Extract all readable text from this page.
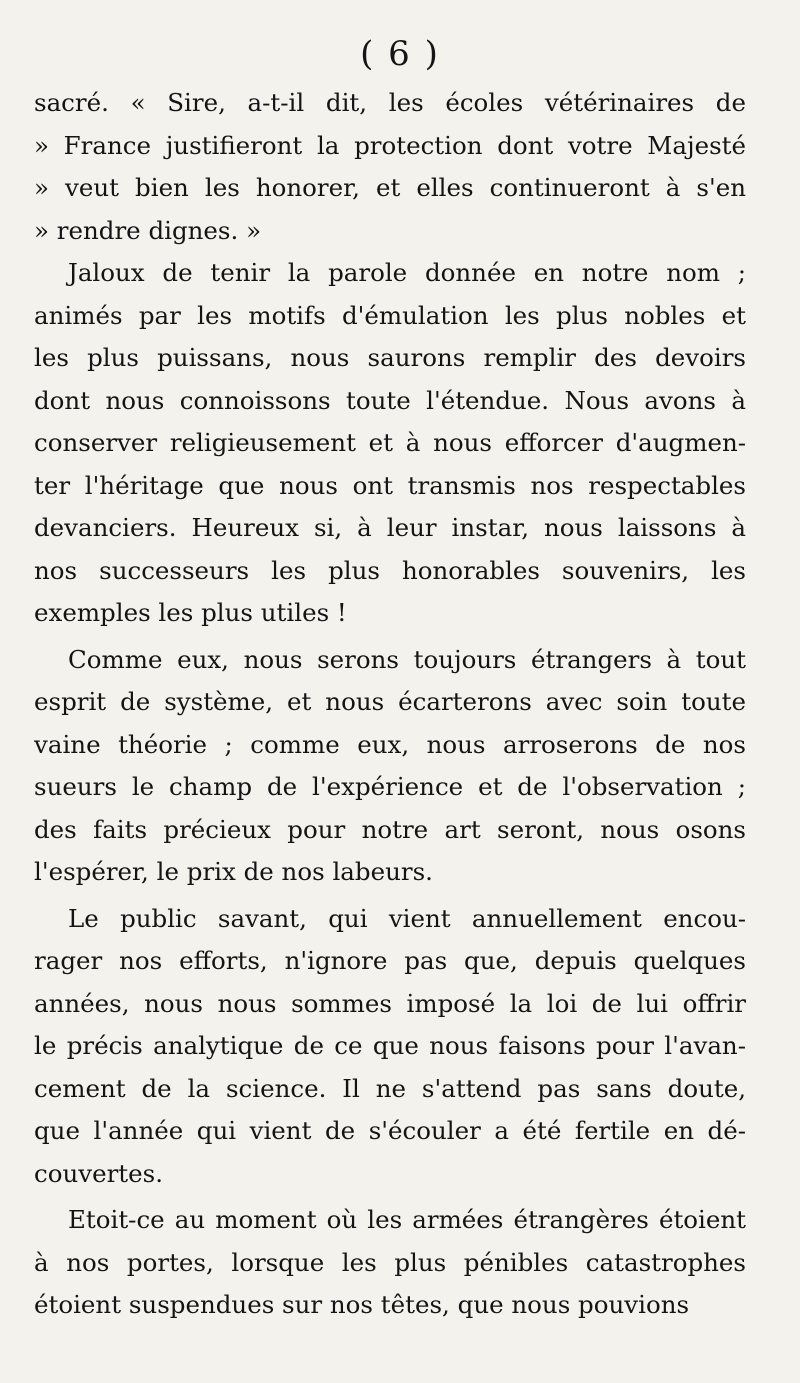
( 6 )
sacré. « Sire, a-t-il dit, les écoles vétérinaires de
» France justifieront la protection dont votre Majesté
» veut bien les honorer, et elles continueront à s'en
» rendre dignes. »
Jaloux de tenir la parole donnée en notre nom ;
animés par les motifs d'émulation les plus nobles et
les plus puissans, nous saurons remplir des devoirs
dont nous connoissons toute l'étendue. Nous avons à
conserver religieusement et à nous efforcer d'augmen-
ter l'héritage que nous ont transmis nos respectables
devanciers. Heureux si, à leur instar, nous laissons à
nos successeurs les plus honorables souvenirs, les
exemples les plus utiles !
Comme eux, nous serons toujours étrangers à tout
esprit de système, et nous écarterons avec soin toute
vaine théorie ; comme eux, nous arroserons de nos
sueurs le champ de l'expérience et de l'observation ;
des faits précieux pour notre art seront, nous osons
l'espérer, le prix de nos labeurs.
Le public savant, qui vient annuellement encou-
rager nos efforts, n'ignore pas que, depuis quelques
années, nous nous sommes imposé la loi de lui offrir
le précis analytique de ce que nous faisons pour l'avan-
cement de la science. Il ne s'attend pas sans doute,
que l'année qui vient de s'écouler a été fertile en dé-
couvertes.
Etoit-ce au moment où les armées étrangères étoient
à nos portes, lorsque les plus pénibles catastrophes
étoient suspendues sur nos têtes, que nous pouvions
